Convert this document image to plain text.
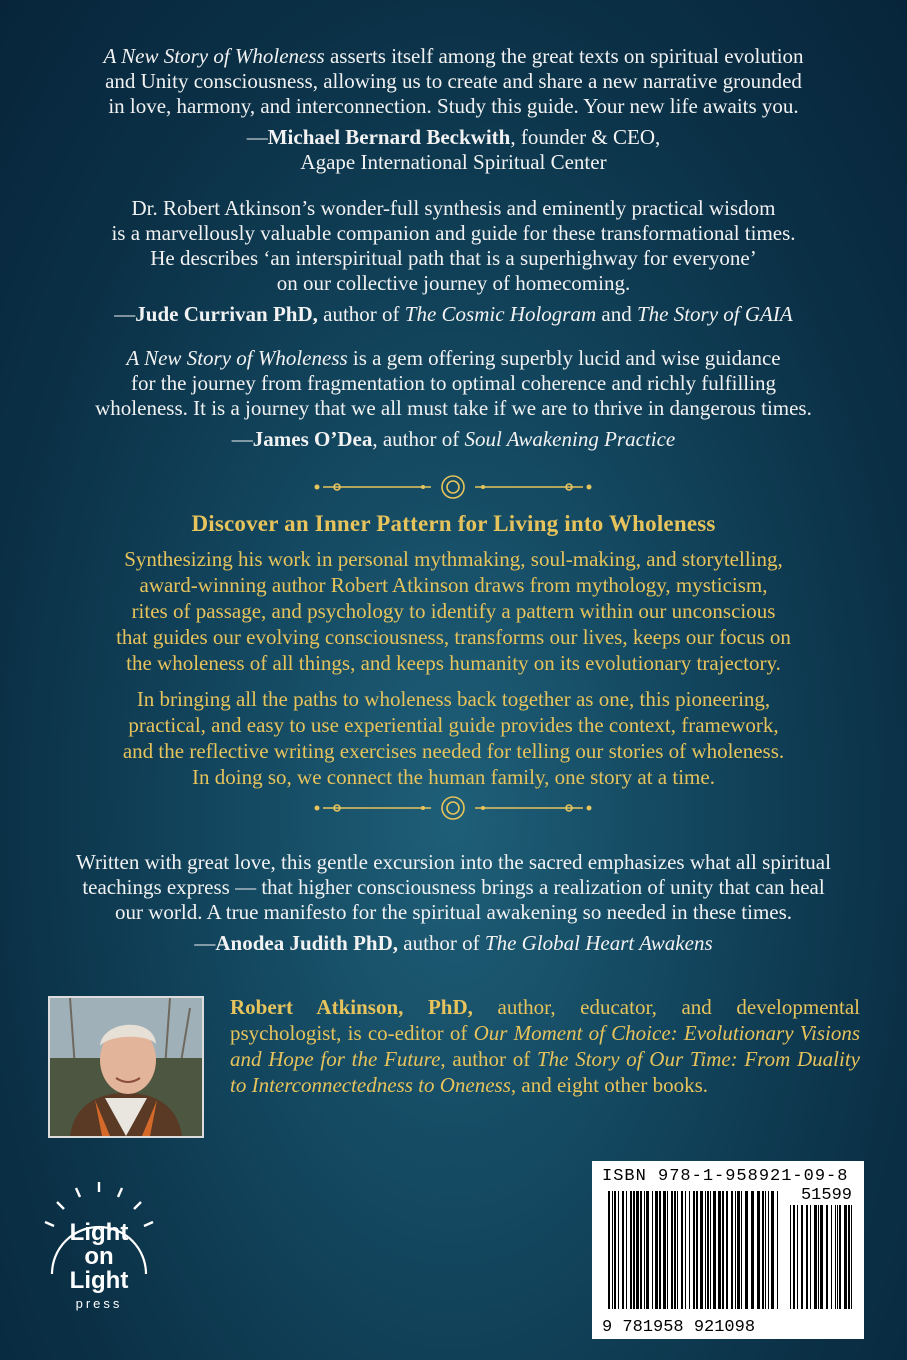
A New Story of Wholeness asserts itself among the great texts on spiritual evolution
and Unity consciousness, allowing us to create and share a new narrative grounded
in love, harmony, and interconnection. Study this guide. Your new life awaits you.
—Michael Bernard Beckwith, founder & CEO,
Agape International Spiritual Center
Dr. Robert Atkinson’s wonder-full synthesis and eminently practical wisdom
is a marvellously valuable companion and guide for these transformational times.
He describes ‘an interspiritual path that is a superhighway for everyone’
on our collective journey of homecoming.
—Jude Currivan PhD, author of The Cosmic Hologram and The Story of GAIA
A New Story of Wholeness is a gem offering superbly lucid and wise guidance
for the journey from fragmentation to optimal coherence and richly fulfilling
wholeness. It is a journey that we all must take if we are to thrive in dangerous times.
—James O’Dea, author of Soul Awakening Practice
Discover an Inner Pattern for Living into Wholeness

Synthesizing his work in personal mythmaking, soul-making, and storytelling,
award-winning author Robert Atkinson draws from mythology, mysticism,
rites of passage, and psychology to identify a pattern within our unconscious
that guides our evolving consciousness, transforms our lives, keeps our focus on
the wholeness of all things, and keeps humanity on its evolutionary trajectory.

In bringing all the paths to wholeness back together as one, this pioneering,
practical, and easy to use experiential guide provides the context, framework,
and the reflective writing exercises needed for telling our stories of wholeness.
In doing so, we connect the human family, one story at a time.

Written with great love, this gentle excursion into the sacred emphasizes what all spiritual
teachings express — that higher consciousness brings a realization of unity that can heal
our world. A true manifesto for the spiritual awakening so needed in these times.
—Anodea Judith PhD, author of The Global Heart Awakens
Robert Atkinson, PhD, author, educator, and developmental psychologist, is co-editor of Our Moment of Choice: Evolutionary Visions and Hope for the Future, author of The Story of Our Time: From Duality to Interconnectedness to Oneness, and eight other books.
Light
on
Light
press
ISBN 978-1-958921-09-8
51599
9 781958 921098
